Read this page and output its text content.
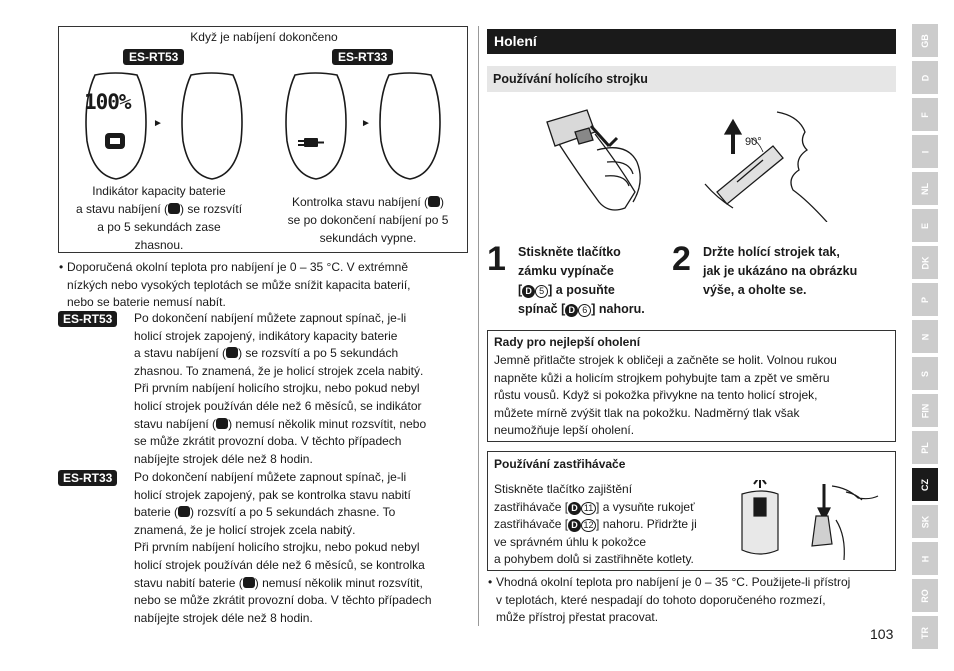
Když je nabíjení dokončeno
ES-RT53	ES-RT33
100%
►	►
Indikátor kapacity baterie
a stavu nabíjení ( ) se rozsvítí
a po 5 sekundách zase
zhasnou.
Kontrolka stavu nabíjení ( )
se po dokončení nabíjení po 5
sekundách vypne.
• Doporučená okolní teplota pro nabíjení je 0 – 35 °C. V extrémně
nízkých nebo vysokých teplotách se může snížit kapacita baterií,
nebo se baterie nemusí nabít.
ES-RT53	Po dokončení nabíjení můžete zapnout spínač, je-li

holicí strojek zapojený, indikátory kapacity baterie

a stavu nabíjení ( ) se rozsvítí a po 5 sekundách

zhasnou. To znamená, že je holicí strojek zcela nabitý.

Při prvním nabíjení holicího strojku, nebo pokud nebyl

holicí strojek používán déle než 6 měsíců, se indikátor

stavu nabíjení ( ) nemusí několik minut rozsvítit, nebo

se může zkrátit provozní doba. V těchto případech

nabíjejte strojek déle než 8 hodin.

ES-RT33	Po dokončení nabíjení můžete zapnout spínač, je-li

holicí strojek zapojený, pak se kontrolka stavu nabití

baterie ( ) rozsvítí a po 5 sekundách zhasne. To

znamená, že je holicí strojek zcela nabitý.

Při prvním nabíjení holicího strojku, nebo pokud nebyl

holicí strojek používán déle než 6 měsíců, se kontrolka

stavu nabití baterie ( ) nemusí několik minut rozsvítit,

nebo se může zkrátit provozní doba. V těchto případech

nabíjejte strojek déle než 8 hodin.

Holení
Používání holícího strojku
90°
1 Stiskněte tlačítko
zámku vypínače
[ D 5 ] a posuňte
spínač [ D 6 ] nahoru.
2 Držte holící strojek tak,
jak je ukázáno na obrázku
výše, a oholte se.
Rady pro nejlepší oholení

Jemně přitlačte strojek k obličeji a začněte se holit. Volnou rukou

napněte kůži a holicím strojkem pohybujte tam a zpět ve směru

růstu vousů. Když si pokožka přivykne na tento holicí strojek,

můžete mírně zvýšit tlak na pokožku. Nadměrný tlak však

neumožňuje lepší oholení.

Používání zastřihávače

Stiskněte tlačítko zajištění

zastřihávače [ D 11 ] a vysuňte rukojeť

zastřihávače [ D 12 ] nahoru. Přidržte ji

ve správném úhlu k pokožce

a pohybem dolů si zastřihněte kotlety.

• Vhodná okolní teplota pro nabíjení je 0 – 35 °C. Použijete-li přístroj
v teplotách, které nespadají do tohoto doporučeného rozmezí,
může přístroj přestat pracovat.
103
GB
D
F
I
NL
E
DK
P
N
S
FIN
PL
CZ
SK
H
RO
TR
